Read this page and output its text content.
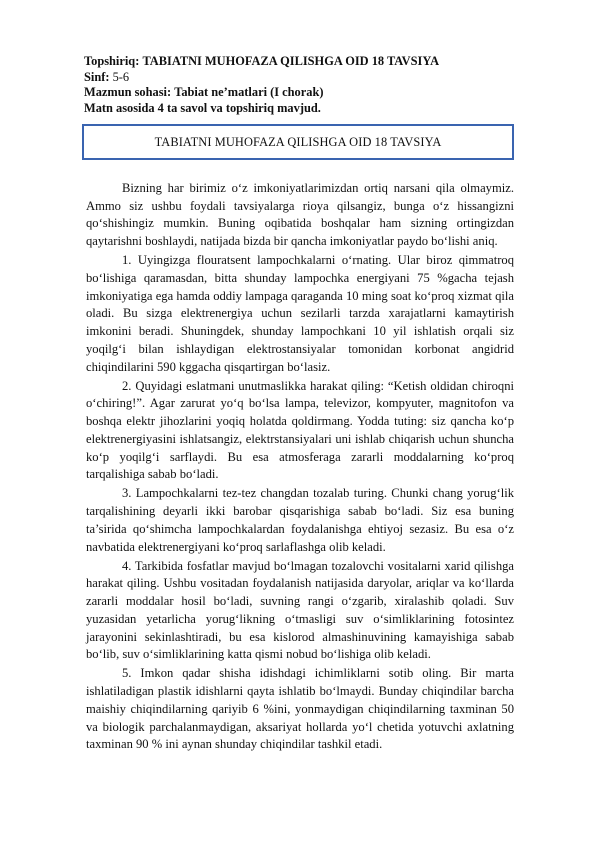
Topshiriq: TABIATNI MUHOFAZA QILISHGA OID 18 TAVSIYA
Sinf: 5-6
Mazmun sohasi: Tabiat ne’matlari (I chorak)
Matn asosida 4 ta savol va topshiriq mavjud.
TABIATNI MUHOFAZA QILISHGA OID 18 TAVSIYA

Bizning har birimiz o‘z imkoniyatlarimizdan ortiq narsani qila olmaymiz. Ammo siz ushbu foydali tavsiyalarga rioya qilsangiz, bunga o‘z hissangizni qo‘shishingiz mumkin. Buning oqibatida boshqalar ham sizning ortingizdan qaytarishni boshlaydi, natijada bizda bir qancha imkoniyatlar paydo bo‘lishi aniq.

1. Uyingizga flouratsent lampochkalarni o‘rnating. Ular biroz qimmatroq bo‘lishiga qaramasdan, bitta shunday lampochka energiyani 75 %gacha tejash imkoniyatiga ega hamda oddiy lampaga qaraganda 10 ming soat ko‘proq xizmat qila oladi. Bu sizga elektrenergiya uchun sezilarli tarzda xarajatlarni kamaytirish imkonini beradi. Shuningdek, shunday lampochkani 10 yil ishlatish orqali siz yoqilg‘i bilan ishlaydigan elektrostansiyalar tomonidan korbonat angidrid chiqindilarini 590 kggacha qisqartirgan bo‘lasiz.

2. Quyidagi eslatmani unutmaslikka harakat qiling: “Ketish oldidan chiroqni o‘chiring!”. Agar zarurat yo‘q bo‘lsa lampa, televizor, kompyuter, magnitofon va boshqa elektr jihozlarini yoqiq holatda qoldirmang. Yodda tuting: siz qancha ko‘p elektrenergiyasini ishlatsangiz, elektrstansiyalari uni ishlab chiqarish uchun shuncha ko‘p yoqilg‘i sarflaydi. Bu esa atmosferaga zararli moddalarning ko‘proq tarqalishiga sabab bo‘ladi.

3. Lampochkalarni tez-tez changdan tozalab turing. Chunki chang yorug‘lik tarqalishining deyarli ikki barobar qisqarishiga sabab bo‘ladi. Siz esa buning ta’sirida qo‘shimcha lampochkalardan foydalanishga ehtiyoj sezasiz. Bu esa o‘z navbatida elektrenergiyani ko‘proq sarlaflashga olib keladi.

4. Tarkibida fosfatlar mavjud bo‘lmagan tozalovchi vositalarni xarid qilishga harakat qiling. Ushbu vositadan foydalanish natijasida daryolar, ariqlar va ko‘llarda zararli moddalar hosil bo‘ladi, suvning rangi o‘zgarib, xiralashib qoladi. Suv yuzasidan yetarlicha yorug‘likning o‘tmasligi suv o‘simliklarining fotosintez jarayonini sekinlashtiradi, bu esa kislorod almashinuvining kamayishiga sabab bo‘lib, suv o‘simliklarining katta qismi nobud bo‘lishiga olib keladi.

5. Imkon qadar shisha idishdagi ichimliklarni sotib oling. Bir marta ishlatiladigan plastik idishlarni qayta ishlatib bo‘lmaydi. Bunday chiqindilar barcha maishiy chiqindilarning qariyib 6 %ini, yonmaydigan chiqindilarning taxminan 50 va biologik parchalanmaydigan, aksariyat hollarda yo‘l chetida yotuvchi axlatning taxminan 90 % ini aynan shunday chiqindilar tashkil etadi.
